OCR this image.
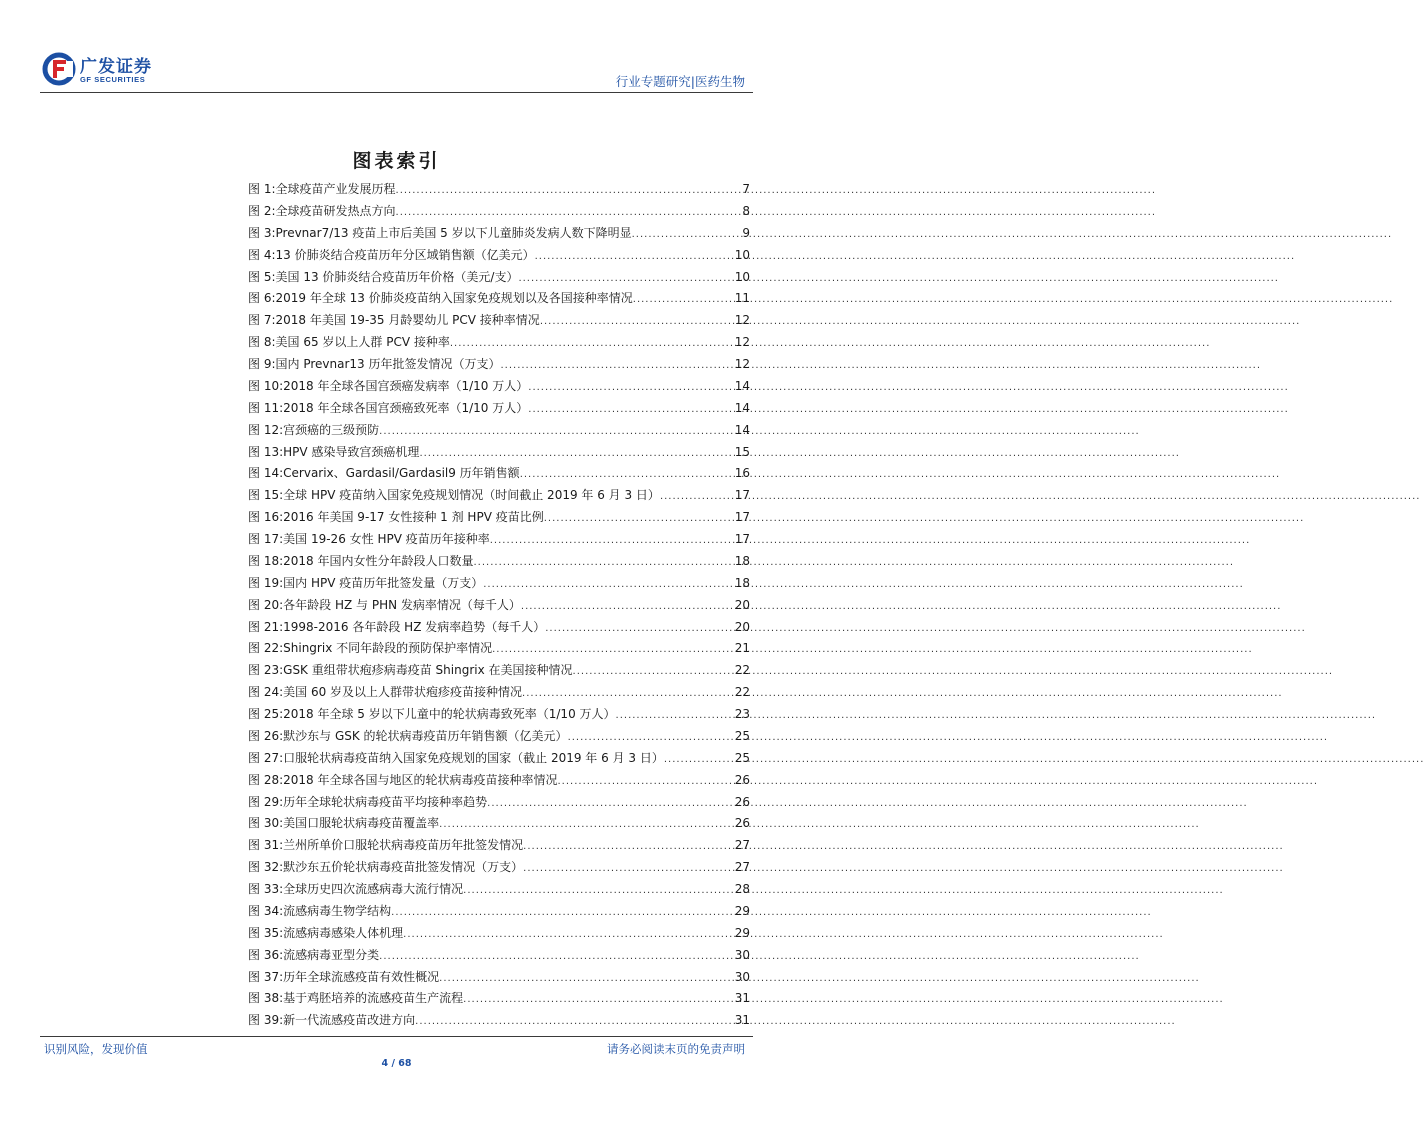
广发证券
GF SECURITIES	行业专题研究|医药生物
图表索引
图 1: 全球疫苗产业发展历程 .....	7
图 2: 全球疫苗研发热点方向 .....	8
图 3: Prevnar7/13 疫苗上市后美国 5 岁以下儿童肺炎发病人数下降明显 .....	9
图 4: 13 价肺炎结合疫苗历年分区域销售额（亿美元） .....	10
图 5: 美国 13 价肺炎结合疫苗历年价格（美元/支） .....	10
图 6: 2019 年全球 13 价肺炎疫苗纳入国家免疫规划以及各国接种率情况 .....	11
图 7: 2018 年美国 19-35 月龄婴幼儿 PCV 接种率情况 .....	12
图 8: 美国 65 岁以上人群 PCV 接种率 .....	12
图 9: 国内 Prevnar13 历年批签发情况（万支） .....	12
图 10: 2018 年全球各国宫颈癌发病率（1/10 万人） .....	14
图 11: 2018 年全球各国宫颈癌致死率（1/10 万人） .....	14
图 12: 宫颈癌的三级预防 .....	14
图 13: HPV 感染导致宫颈癌机理 .....	15
图 14: Cervarix、Gardasil/Gardasil9 历年销售额 .....	16
图 15: 全球 HPV 疫苗纳入国家免疫规划情况（时间截止 2019 年 6 月 3 日） .....	17
图 16: 2016 年美国 9-17 女性接种 1 剂 HPV 疫苗比例 .....	17
图 17: 美国 19-26 女性 HPV 疫苗历年接种率 .....	17
图 18: 2018 年国内女性分年龄段人口数量 .....	18
图 19: 国内 HPV 疫苗历年批签发量（万支） .....	18
图 20: 各年龄段 HZ 与 PHN 发病率情况（每千人） .....	20
图 21: 1998-2016 各年龄段 HZ 发病率趋势（每千人） .....	20
图 22: Shingrix 不同年龄段的预防保护率情况 .....	21
图 23: GSK 重组带状疱疹病毒疫苗 Shingrix 在美国接种情况 .....	22
图 24: 美国 60 岁及以上人群带状疱疹疫苗接种情况 .....	22
图 25: 2018 年全球 5 岁以下儿童中的轮状病毒致死率（1/10 万人） .....	23
图 26: 默沙东与 GSK 的轮状病毒疫苗历年销售额（亿美元） .....	25
图 27: 口服轮状病毒疫苗纳入国家免疫规划的国家（截止 2019 年 6 月 3 日） .....	25
图 28: 2018 年全球各国与地区的轮状病毒疫苗接种率情况 .....	26
图 29: 历年全球轮状病毒疫苗平均接种率趋势 .....	26
图 30: 美国口服轮状病毒疫苗覆盖率 .....	26
图 31: 兰州所单价口服轮状病毒疫苗历年批签发情况 .....	27
图 32: 默沙东五价轮状病毒疫苗批签发情况（万支） .....	27
图 33: 全球历史四次流感病毒大流行情况 .....	28
图 34: 流感病毒生物学结构 .....	29
图 35: 流感病毒感染人体机理 .....	29
图 36: 流感病毒亚型分类 .....	30
图 37: 历年全球流感疫苗有效性概况 .....	30
图 38: 基于鸡胚培养的流感疫苗生产流程 .....	31
图 39: 新一代流感疫苗改进方向 .....	31
识别风险，发现价值
4 / 68
请务必阅读末页的免责声明
